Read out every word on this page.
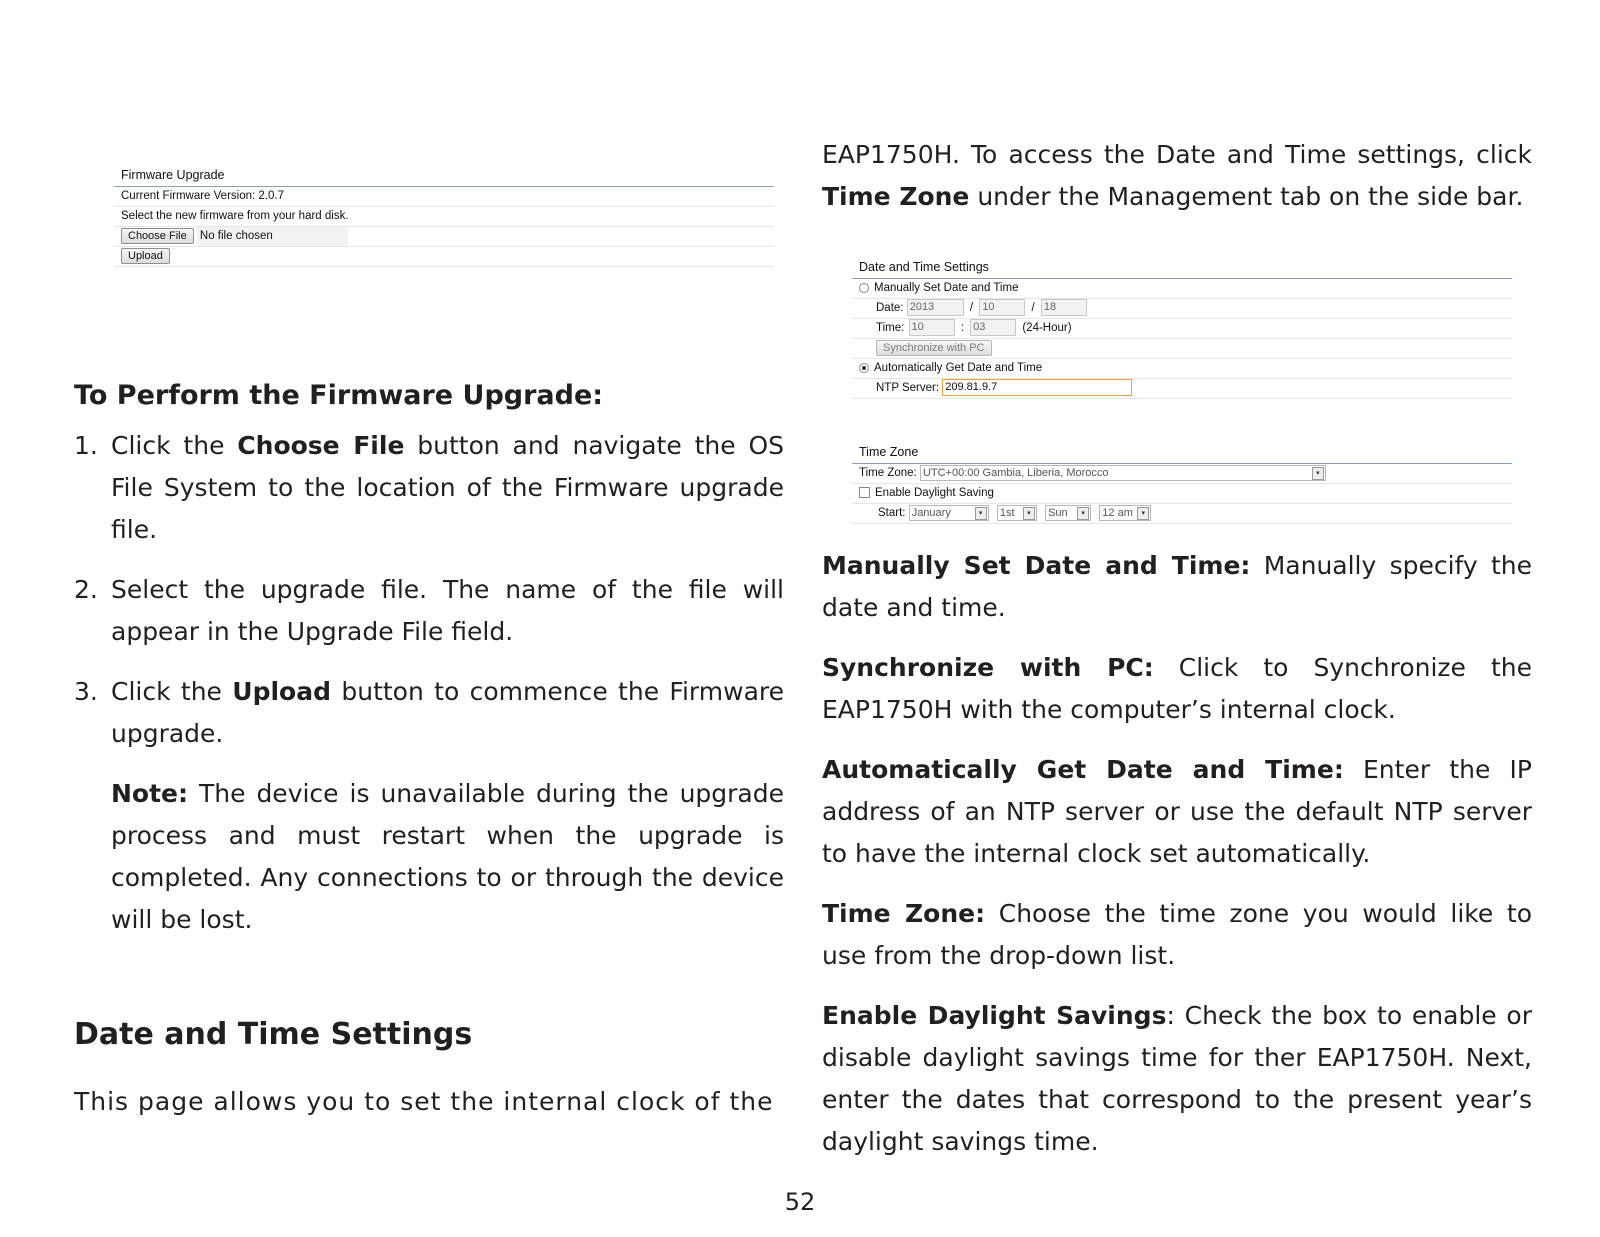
Firmware Upgrade
Current Firmware Version: 2.0.7
Select the new firmware from your hard disk.
Choose File No file chosen
Upload

To Perform the Firmware Upgrade:

1. Click the Choose File button and navigate the OS File System to the location of the Firmware upgrade file.

2. Select the upgrade file. The name of the file will appear in the Upgrade File field.

3. Click the Upload button to commence the Firmware upgrade.

Note: The device is unavailable during the upgrade process and must restart when the upgrade is completed. Any connections to or through the device will be lost.

Date and Time Settings

This page allows you to set the internal clock of the

EAP1750H. To access the Date and Time settings, click Time Zone under the Management tab on the side bar.

Date and Time Settings
Manually Set Date and Time
Date: 2013	/ 10	/ 18
Time: 10	: 03	(24-Hour)
Synchronize with PC
Automatically Get Date and Time
NTP Server: 209.81.9.7
Time Zone
Time Zone: UTC+00:00 Gambia, Liberia, Morocco	▾
Enable Daylight Saving
Start: January	▾	1st	▾	Sun	▾	12 am	▾

Manually Set Date and Time: Manually specify the date and time.

Synchronize with PC: Click to Synchronize the EAP1750H with the computer’s internal clock.

Automatically Get Date and Time: Enter the IP address of an NTP server or use the default NTP server to have the internal clock set automatically.

Time Zone: Choose the time zone you would like to use from the drop-down list.

Enable Daylight Savings: Check the box to enable or disable daylight savings time for ther EAP1750H. Next, enter the dates that correspond to the present year’s daylight savings time.

52
